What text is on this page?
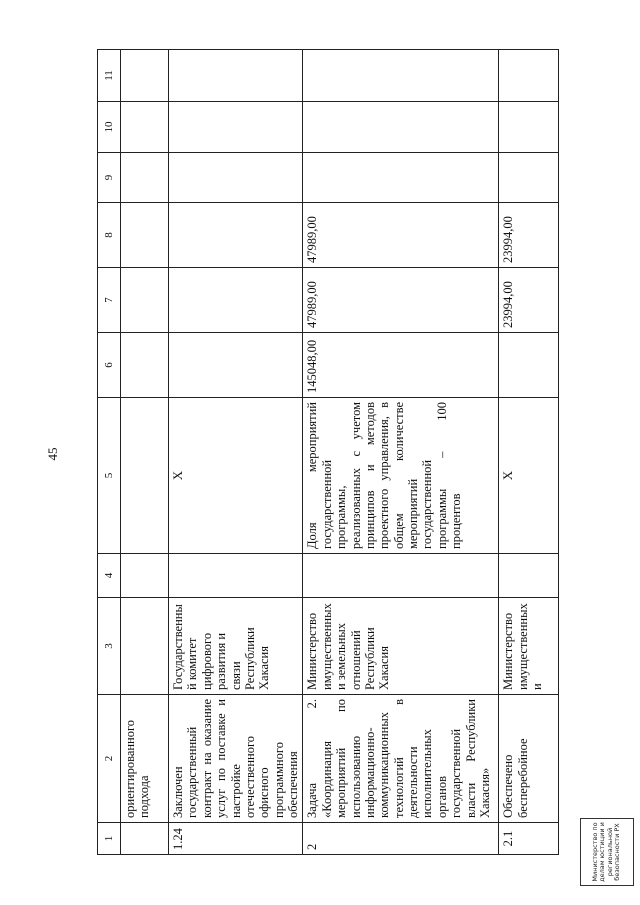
45
1	2	3	4	5	6	7	8	9	10	11
	ориентированного подхода									
1.24	Заключен государственный контракт на оказание услуг по поставке и настройке отечественного офисного программного обеспечения	Государственный комитет цифрового развития и связи Республики Хакасия		Х						
2	Задача 2. «Координация мероприятий по использованию информационно-коммуникационных технологий в деятельности исполнительных органов государственной власти Республики Хакасия»	Министерство имущественных и земельных отношений Республики Хакасия		Доля мероприятий государственной программы, реализованных с учетом принципов и методов проектного управления, в общем количестве мероприятий государственной программы – 100 процентов	145048,00	47989,00	47989,00			
2.1	Обеспечено бесперебойное	Министерство имущественных и		Х		23994,00	23994,00			
Министерство по делам юстиции и региональной безопасности РХ
